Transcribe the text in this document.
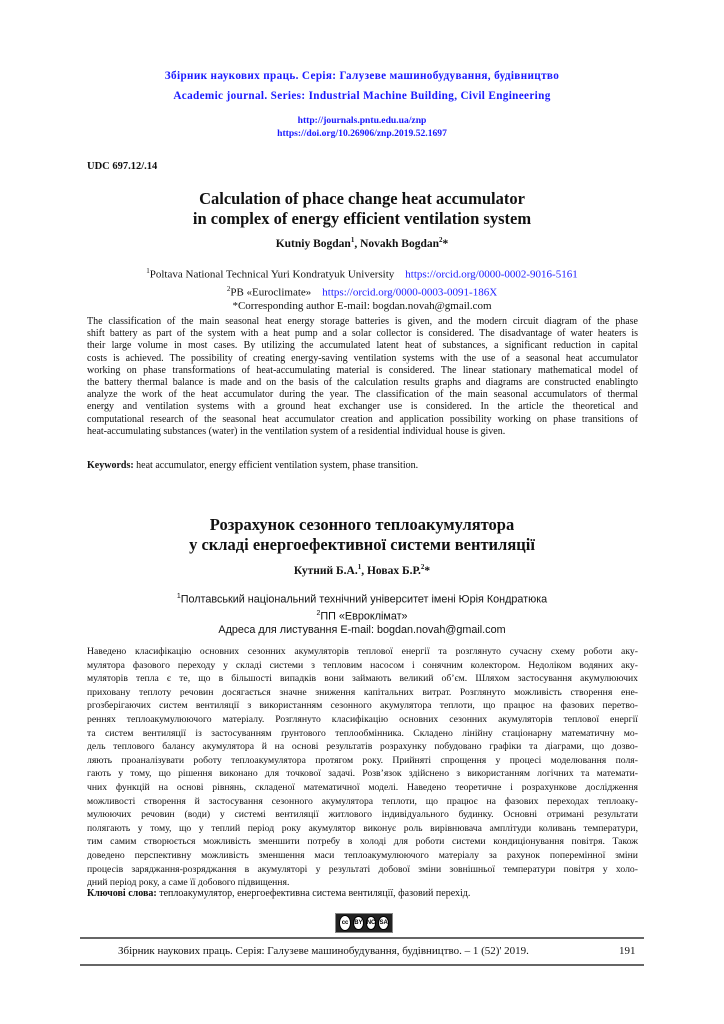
Збірник наукових праць. Серія: Галузеве машинобудування, будівництво
Academic journal. Series: Industrial Machine Building, Civil Engineering
http://journals.pntu.edu.ua/znp
https://doi.org/10.26906/znp.2019.52.1697
UDC 697.12/.14
Calculation of phace change heat accumulator
in complex of energy efficient ventilation system
Kutniy Bogdan$^1$, Novakh Bogdan$^2$*
$^1$Poltava National Technical Yuri Kondratyuk University https://orcid.org/0000-0002-9016-5161
$^2$PB «Euroclimate» https://orcid.org/0000-0003-0091-186X
*Corresponding author E-mail: bogdan.novah@gmail.com
The classification of the main seasonal heat energy storage batteries is given, and the modern circuit diagram of the phase
shift battery as part of the system with a heat pump and a solar collector is considered. The disadvantage of water heaters is
their large volume in most cases. By utilizing the accumulated latent heat of substances, a significant reduction in capital
costs is achieved. The possibility of creating energy-saving ventilation systems with the use of a seasonal heat accumulator
working on phase transformations of heat-accumulating material is considered. The linear stationary mathematical model of
the battery thermal balance is made and on the basis of the calculation results graphs and diagrams are constructed enablingto
analyze the work of the heat accumulator during the year. The classification of the main seasonal accumulators of thermal
energy and ventilation systems with a ground heat exchanger use is considered. In the article the theoretical and
computational research of the seasonal heat accumulator creation and application possibility working on phase transitions of
heat-accumulating substances (water) in the ventilation system of a residential individual house is given.
Keywords: heat accumulator, energy efficient ventilation system, phase transition.
Розрахунок сезонного теплоакумулятора
у складі енергоефективної системи вентиляції
Кутний Б.А.$^1$, Новах Б.Р.$^2$*
$^1$Полтавський національний технічний університет імені Юрія Кондратюка
$^2$ПП «Евроклімат»
Адреса для листування E-mail: bogdan.novah@gmail.com
Наведено класифікацію основних сезонних акумуляторів теплової енергії та розглянуто сучасну схему роботи аку-
мулятора фазового переходу у складі системи з тепловим насосом і сонячним колектором. Недоліком водяних аку-
муляторів тепла є те, що в більшості випадків вони займають великий об’єм. Шляхом застосування акумулюючих
приховану теплоту речовин досягається значне зниження капітальних витрат. Розглянуто можливість створення ене-
ргозберігаючих систем вентиляції з використанням сезонного акумулятора теплоти, що працює на фазових перетво-
реннях теплоакумулюючого матеріалу. Розглянуто класифікацію основних сезонних акумуляторів теплової енергії
та систем вентиляції із застосуванням ґрунтового теплообмінника. Складено лінійну стаціонарну математичну мо-
дель теплового балансу акумулятора й на основі результатів розрахунку побудовано графіки та діаграми, що дозво-
ляють проаналізувати роботу теплоакумулятора протягом року. Прийняті спрощення у процесі моделювання поля-
гають у тому, що рішення виконано для точкової задачі. Розв’язок здійснено з використанням логічних та математи-
чних функцій на основі рівнянь, складеної математичної моделі. Наведено теоретичне і розрахункове дослідження
можливості створення й застосування сезонного акумулятора теплоти, що працює на фазових переходах теплоаку-
мулюючих речовин (води) у системі вентиляції житлового індивідуального будинку. Основні отримані результати
полягають у тому, що у теплий період року акумулятор виконує роль вирівнювача амплітуди коливань температури,
тим самим створюється можливість зменшити потребу в холоді для роботи системи кондиціонування повітря. Також
доведено перспективну можливість зменшення маси теплоакумулюючого матеріалу за рахунок поперемінної зміни
процесів заряджання-розряджання в акумуляторі у результаті добової зміни зовнішньої температури повітря у холо-
дний період року, а саме її добового підвищення.
Ключові слова: теплоакумулятор, енергоефективна система вентиляції, фазовий перехід.
cc BY NC SA
Збірник наукових праць. Серія: Галузеве машинобудування, будівництво. – 1 (52)' 2019.	191
